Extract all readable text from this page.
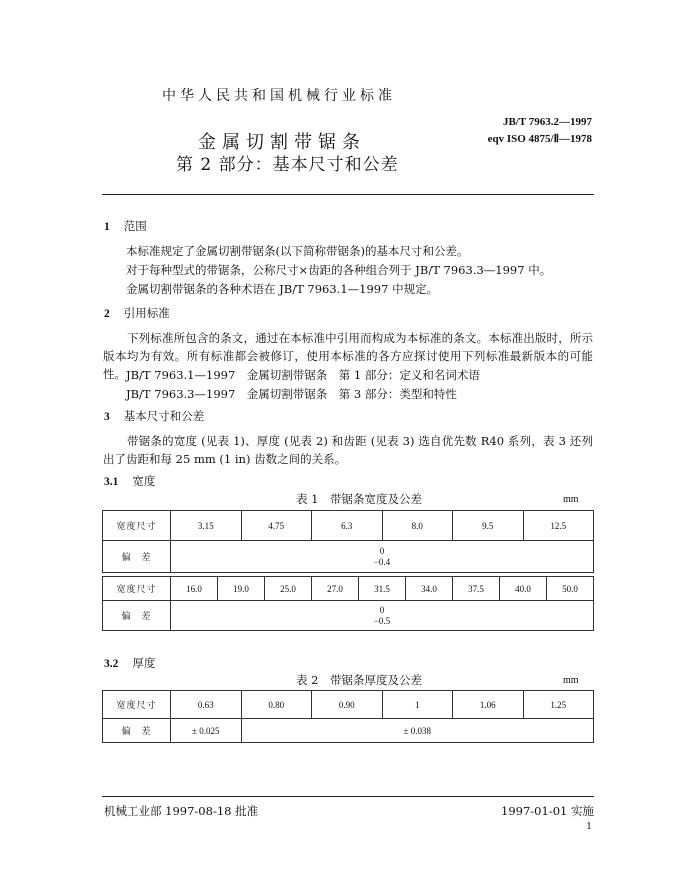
中华人民共和国机械行业标准
JB/T 7963.2—1997
eqv ISO 4875/Ⅱ—1978
金属切割带锯条
第 2 部分：基本尺寸和公差
1 范围
本标准规定了金属切割带锯条(以下简称带锯条)的基本尺寸和公差。
对于每种型式的带锯条，公称尺寸×齿距的各种组合列于 JB/T 7963.3—1997 中。
金属切割带锯条的各种术语在 JB/T 7963.1—1997 中规定。
2 引用标准
下列标准所包含的条文，通过在本标准中引用而构成为本标准的条文。本标准出版时，所示版本均为有效。所有标准都会被修订，使用本标准的各方应探讨使用下列标准最新版本的可能性。 JB/T 7963.1—1997　金属切割带锯条　第 1 部分：定义和名词术语
JB/T 7963.3—1997　金属切割带锯条　第 3 部分：类型和特性
3 基本尺寸和公差
带锯条的宽度 (见表 1)、厚度 (见表 2) 和齿距 (见表 3) 选自优先数 R40 系列，表 3 还列出了齿距和每 25 mm (1 in) 齿数之间的关系。
3.1 宽度
表 1　带锯条宽度及公差	mm
宽度尺寸	3.15	4.75	6.3	8.0	9.5	12.5
偏　差	0
−0.4					
宽度尺寸	16.0	19.0	25.0	27.0	31.5	34.0	37.5	40.0	50.0
偏　差	0
−0.5								
3.2 厚度
表 2　带锯条厚度及公差	mm
宽度尺寸	0.63	0.80	0.90	1	1.06	1.25
偏　差	± 0.025	± 0.038				
机械工业部 1997-08-18 批准	1997-01-01 实施
1
